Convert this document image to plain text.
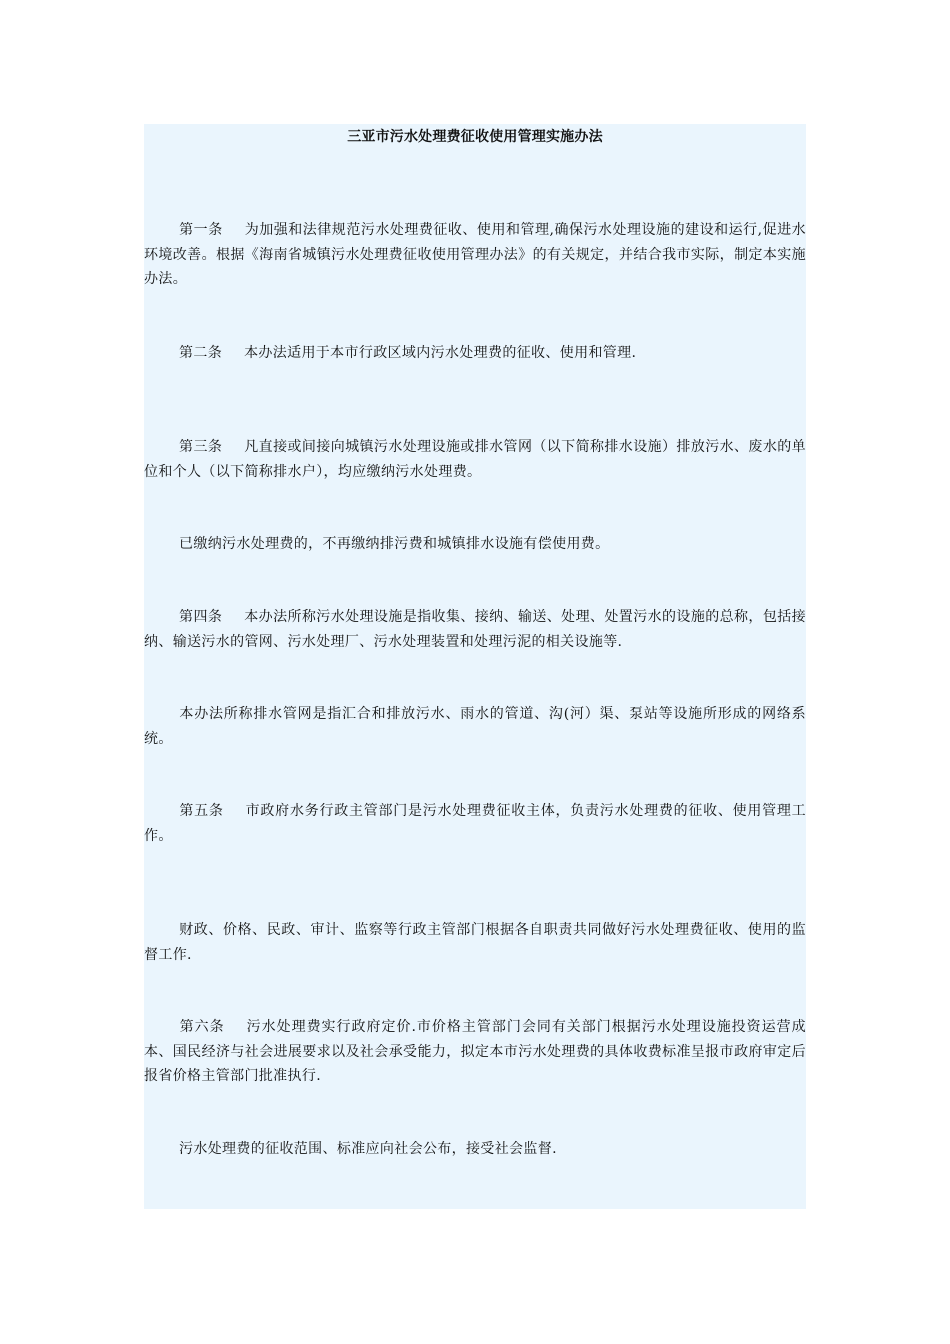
三亚市污水处理费征收使用管理实施办法
第一条 为加强和法律规范污水处理费征收、使用和管理,确保污水处理设施的建设和运行,促进水环境改善。根据《海南省城镇污水处理费征收使用管理办法》的有关规定，并结合我市实际，制定本实施办法。
第二条 本办法适用于本市行政区域内污水处理费的征收、使用和管理.
第三条 凡直接或间接向城镇污水处理设施或排水管网（以下简称排水设施）排放污水、废水的单位和个人（以下简称排水户），均应缴纳污水处理费。
已缴纳污水处理费的，不再缴纳排污费和城镇排水设施有偿使用费。
第四条 本办法所称污水处理设施是指收集、接纳、输送、处理、处置污水的设施的总称，包括接纳、输送污水的管网、污水处理厂、污水处理装置和处理污泥的相关设施等.
本办法所称排水管网是指汇合和排放污水、雨水的管道、沟(河）渠、泵站等设施所形成的网络系统。
第五条 市政府水务行政主管部门是污水处理费征收主体，负责污水处理费的征收、使用管理工作。
财政、价格、民政、审计、监察等行政主管部门根据各自职责共同做好污水处理费征收、使用的监督工作.
第六条 污水处理费实行政府定价.市价格主管部门会同有关部门根据污水处理设施投资运营成本、国民经济与社会进展要求以及社会承受能力，拟定本市污水处理费的具体收费标准呈报市政府审定后报省价格主管部门批准执行.
污水处理费的征收范围、标准应向社会公布，接受社会监督.
